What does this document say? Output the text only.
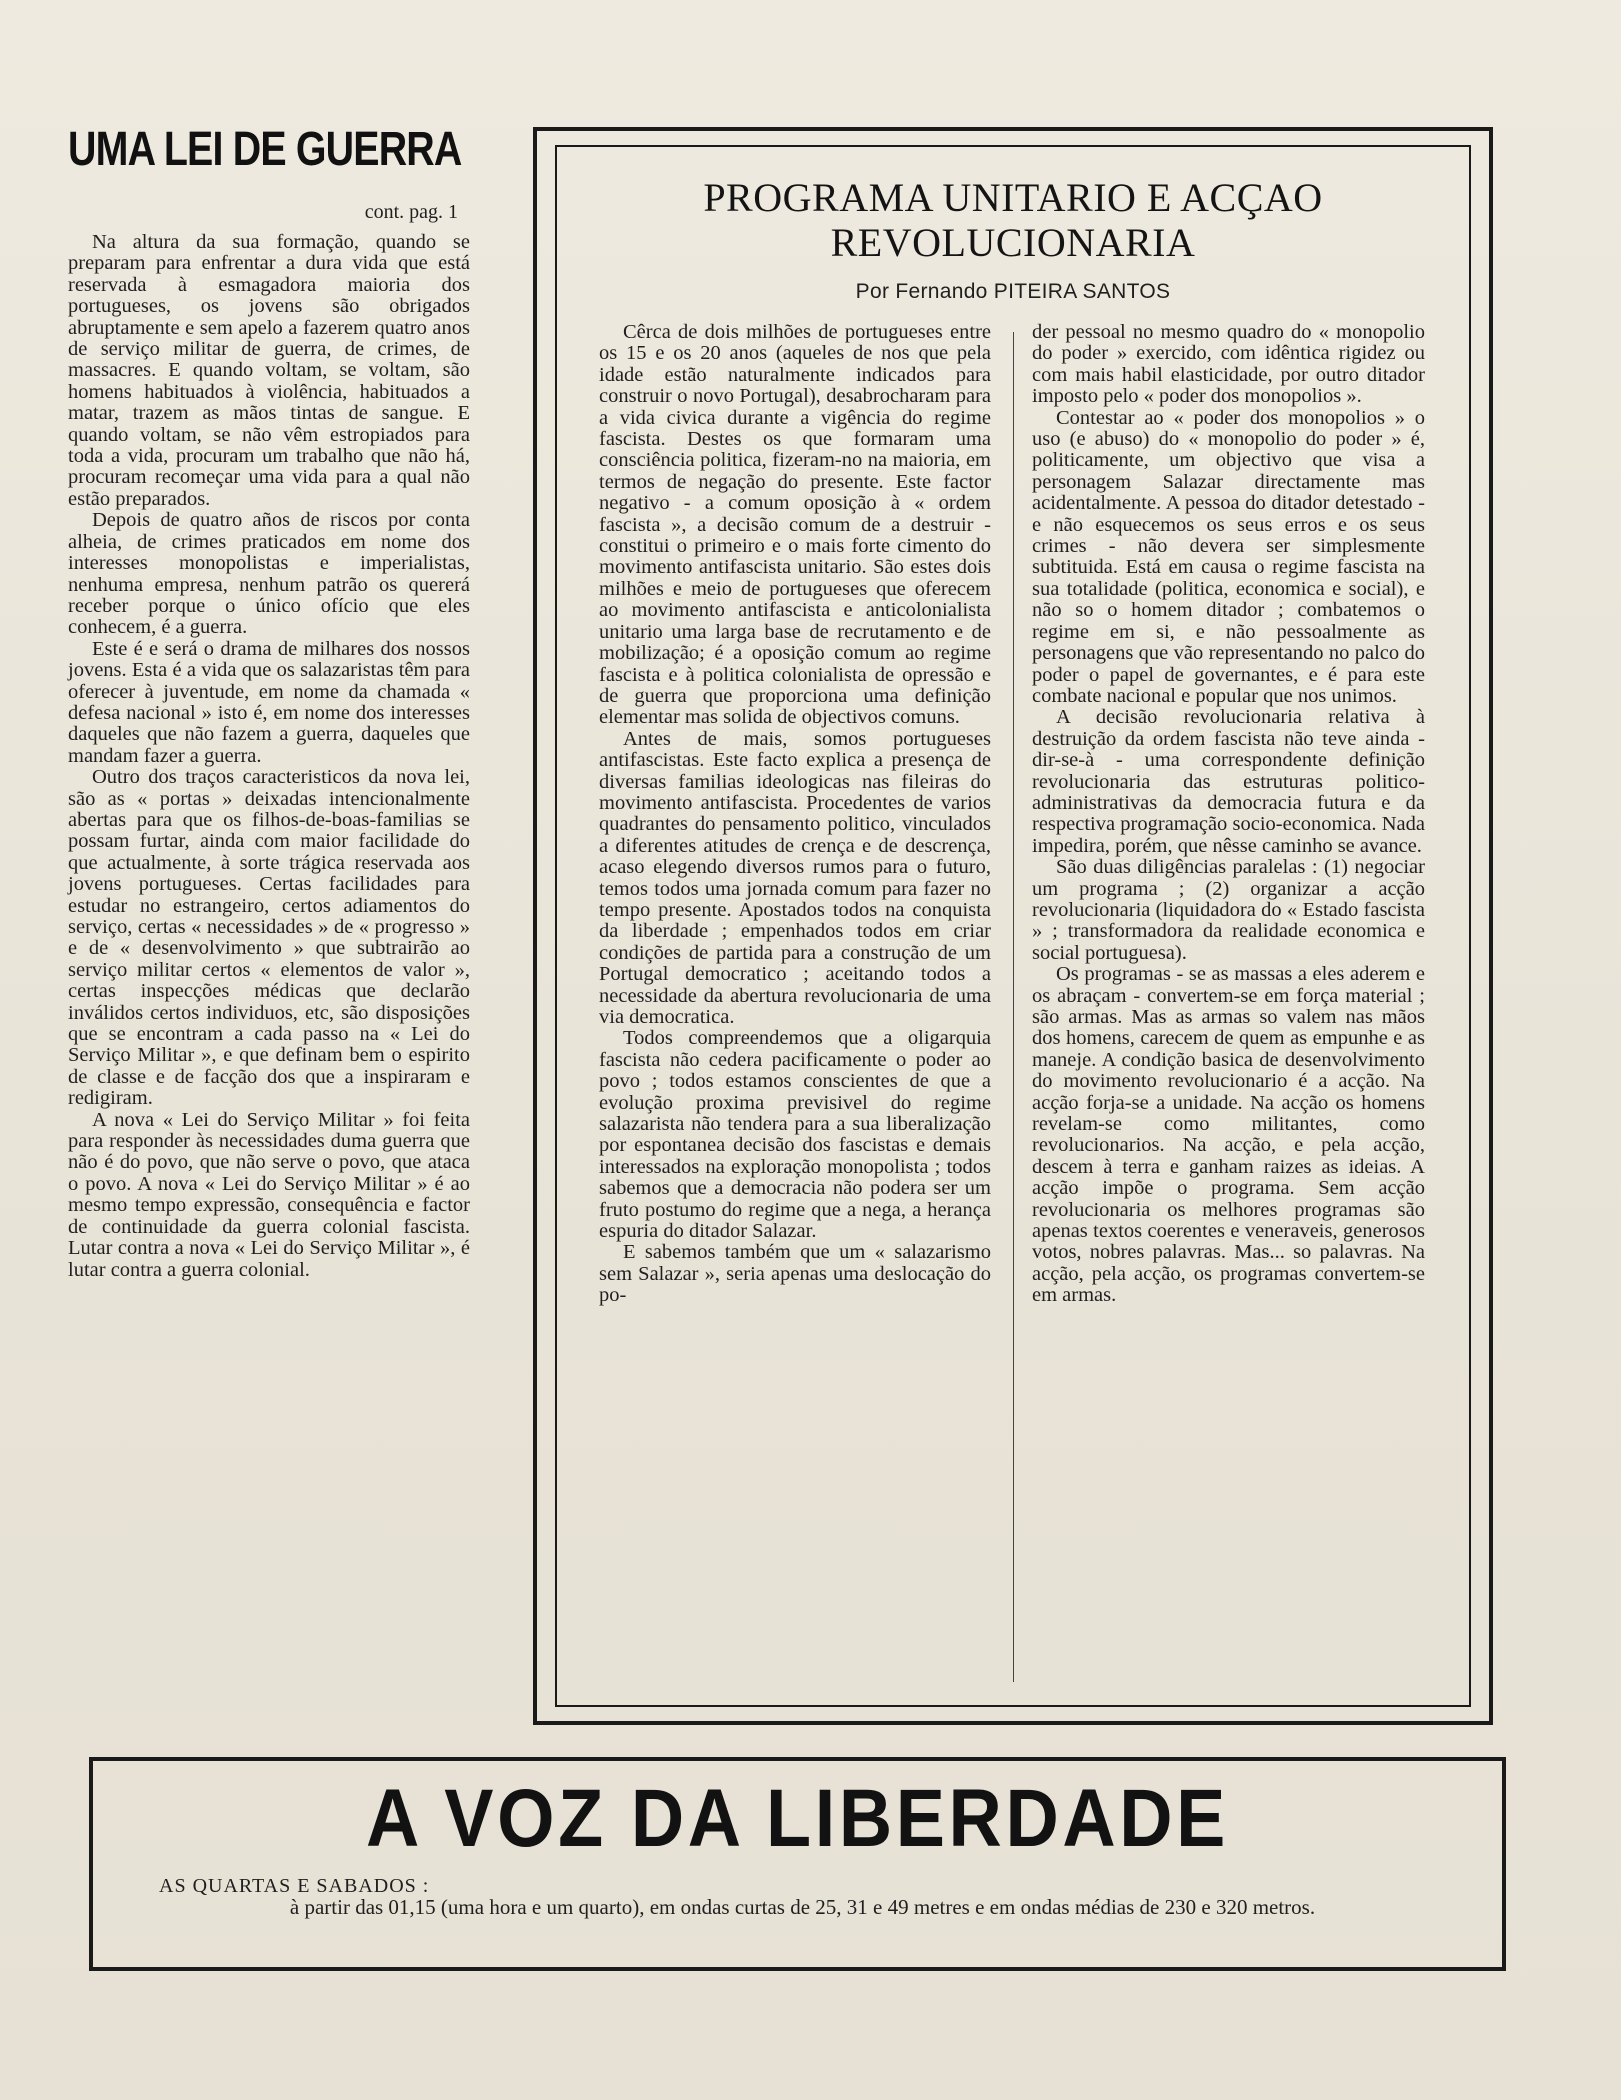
UMA LEI DE GUERRA
cont. pag. 1

Na altura da sua formação, quando se preparam para enfrentar a dura vida que está reservada à esmagadora maioria dos portugueses, os jovens são obrigados abruptamente e sem apelo a fazerem quatro anos de serviço militar de guerra, de crimes, de massacres. E quando voltam, se voltam, são homens habituados à violência, habituados a matar, trazem as mãos tintas de sangue. E quando voltam, se não vêm estropiados para toda a vida, procuram um trabalho que não há, procuram recomeçar uma vida para a qual não estão preparados.

Depois de quatro años de riscos por conta alheia, de crimes praticados em nome dos interesses monopolistas e imperialistas, nenhuma empresa, nenhum patrão os quererá receber porque o único ofício que eles conhecem, é a guerra.

Este é e será o drama de milhares dos nossos jovens. Esta é a vida que os salazaristas têm para oferecer à juventude, em nome da chamada « defesa nacional » isto é, em nome dos interesses daqueles que não fazem a guerra, daqueles que mandam fazer a guerra.

Outro dos traços caracteristicos da nova lei, são as « portas » deixadas intencionalmente abertas para que os filhos-de-boas-familias se possam furtar, ainda com maior facilidade do que actualmente, à sorte trágica reservada aos jovens portugueses. Certas facilidades para estudar no estrangeiro, certos adiamentos do serviço, certas « necessidades » de « progresso » e de « desenvolvimento » que subtrairão ao serviço militar certos « elementos de valor », certas inspecções médicas que declarão inválidos certos individuos, etc, são disposições que se encontram a cada passo na « Lei do Serviço Militar », e que definam bem o espirito de classe e de facção dos que a inspiraram e redigiram.

A nova « Lei do Serviço Militar » foi feita para responder às necessidades duma guerra que não é do povo, que não serve o povo, que ataca o povo. A nova « Lei do Serviço Militar » é ao mesmo tempo expressão, consequência e factor de continuidade da guerra colonial fascista. Lutar contra a nova « Lei do Serviço Militar », é lutar contra a guerra colonial.

PROGRAMA UNITARIO E ACÇAO
REVOLUCIONARIA
Por Fernando PITEIRA SANTOS

Cêrca de dois milhões de portugueses entre os 15 e os 20 anos (aqueles de nos que pela idade estão naturalmente indicados para construir o novo Portugal), desabrocharam para a vida civica durante a vigência do regime fascista. Destes os que formaram uma consciência politica, fizeram-no na maioria, em termos de negação do presente. Este factor negativo - a comum oposição à « ordem fascista », a decisão comum de a destruir - constitui o primeiro e o mais forte cimento do movimento antifascista unitario. São estes dois milhões e meio de portugueses que oferecem ao movimento antifascista e anticolonialista unitario uma larga base de recrutamento e de mobilização; é a oposição comum ao regime fascista e à politica colonialista de opressão e de guerra que proporciona uma definição elementar mas solida de objectivos comuns.

Antes de mais, somos portugueses antifascistas. Este facto explica a presença de diversas familias ideologicas nas fileiras do movimento antifascista. Procedentes de varios quadrantes do pensamento politico, vinculados a diferentes atitudes de crença e de descrença, acaso elegendo diversos rumos para o futuro, temos todos uma jornada comum para fazer no tempo presente. Apostados todos na conquista da liberdade ; empenhados todos em criar condições de partida para a construção de um Portugal democratico ; aceitando todos a necessidade da abertura revolucionaria de uma via democratica.

Todos compreendemos que a oligarquia fascista não cedera pacificamente o poder ao povo ; todos estamos conscientes de que a evolução proxima previsivel do regime salazarista não tendera para a sua liberalização por espontanea decisão dos fascistas e demais interessados na exploração monopolista ; todos sabemos que a democracia não podera ser um fruto postumo do regime que a nega, a herança espuria do ditador Salazar.

E sabemos também que um « salazarismo sem Salazar », seria apenas uma deslocação do po-

der pessoal no mesmo quadro do « monopolio do poder » exercido, com idêntica rigidez ou com mais habil elasticidade, por outro ditador imposto pelo « poder dos monopolios ».

Contestar ao « poder dos monopolios » o uso (e abuso) do « monopolio do poder » é, politicamente, um objectivo que visa a personagem Salazar directamente mas acidentalmente. A pessoa do ditador detestado - e não esquecemos os seus erros e os seus crimes - não devera ser simplesmente subtituida. Está em causa o regime fascista na sua totalidade (politica, economica e social), e não so o homem ditador ; combatemos o regime em si, e não pessoalmente as personagens que vão representando no palco do poder o papel de governantes, e é para este combate nacional e popular que nos unimos.

A decisão revolucionaria relativa à destruição da ordem fascista não teve ainda - dir-se-à - uma correspondente definição revolucionaria das estruturas politico-administrativas da democracia futura e da respectiva programação socio-economica. Nada impedira, porém, que nêsse caminho se avance.

São duas diligências paralelas : (1) negociar um programa ; (2) organizar a acção revolucionaria (liquidadora do « Estado fascista » ; transformadora da realidade economica e social portuguesa).

Os programas - se as massas a eles aderem e os abraçam - convertem-se em força material ; são armas. Mas as armas so valem nas mãos dos homens, carecem de quem as empunhe e as maneje. A condição basica de desenvolvimento do movimento revolucionario é a acção. Na acção forja-se a unidade. Na acção os homens revelam-se como militantes, como revolucionarios. Na acção, e pela acção, descem à terra e ganham raizes as ideias. A acção impõe o programa. Sem acção revolucionaria os melhores programas são apenas textos coerentes e veneraveis, generosos votos, nobres palavras. Mas... so palavras. Na acção, pela acção, os programas convertem-se em armas.

A VOZ DA LIBERDADE
AS QUARTAS E SABADOS :
à partir das 01,15 (uma hora e um quarto), em ondas curtas de 25, 31 e 49 metres e em ondas médias de 230 e 320 metros.
